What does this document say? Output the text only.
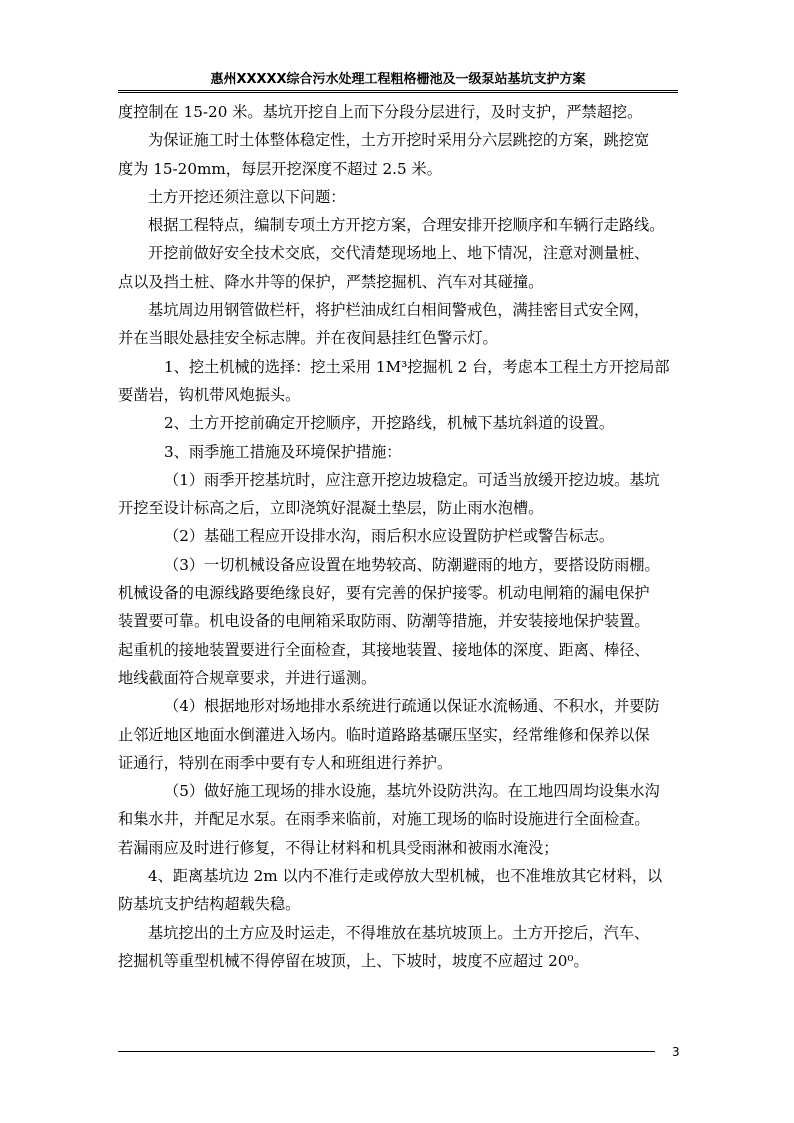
惠州XXXXX综合污水处理工程粗格栅池及一级泵站基坑支护方案

度控制在 15-20 米。基坑开挖自上而下分段分层进行，及时支护，严禁超挖。

为保证施工时土体整体稳定性，土方开挖时采用分六层跳挖的方案，跳挖宽

度为 15-20mm，每层开挖深度不超过 2.5 米。

土方开挖还须注意以下问题：

根据工程特点，编制专项土方开挖方案，合理安排开挖顺序和车辆行走路线。

开挖前做好安全技术交底，交代清楚现场地上、地下情况，注意对测量桩、

点以及挡土桩、降水井等的保护，严禁挖掘机、汽车对其碰撞。

基坑周边用钢管做栏杆，将护栏油成红白相间警戒色，满挂密目式安全网，

并在当眼处悬挂安全标志牌。并在夜间悬挂红色警示灯。

1、挖土机械的选择：挖土采用 1M³挖掘机 2 台，考虑本工程土方开挖局部

要凿岩，钩机带风炮振头。

2、土方开挖前确定开挖顺序，开挖路线，机械下基坑斜道的设置。

3、雨季施工措施及环境保护措施：

（1）雨季开挖基坑时，应注意开挖边坡稳定。可适当放缓开挖边坡。基坑

开挖至设计标高之后，立即浇筑好混凝土垫层，防止雨水泡槽。

（2）基础工程应开设排水沟，雨后积水应设置防护栏或警告标志。

（3）一切机械设备应设置在地势较高、防潮避雨的地方，要搭设防雨棚。

机械设备的电源线路要绝缘良好，要有完善的保护接零。机动电闸箱的漏电保护

装置要可靠。机电设备的电闸箱采取防雨、防潮等措施，并安装接地保护装置。

起重机的接地装置要进行全面检查，其接地装置、接地体的深度、距离、棒径、

地线截面符合规章要求，并进行遥测。

（4）根据地形对场地排水系统进行疏通以保证水流畅通、不积水，并要防

止邻近地区地面水倒灌进入场内。临时道路路基碾压坚实，经常维修和保养以保

证通行，特别在雨季中要有专人和班组进行养护。

（5）做好施工现场的排水设施，基坑外设防洪沟。在工地四周均设集水沟

和集水井，并配足水泵。在雨季来临前，对施工现场的临时设施进行全面检查。

若漏雨应及时进行修复，不得让材料和机具受雨淋和被雨水淹没；

4、距离基坑边 2m 以内不准行走或停放大型机械，也不准堆放其它材料，以

防基坑支护结构超载失稳。

基坑挖出的土方应及时运走，不得堆放在基坑坡顶上。土方开挖后，汽车、

挖掘机等重型机械不得停留在坡顶，上、下坡时，坡度不应超过 20⁰。

3
